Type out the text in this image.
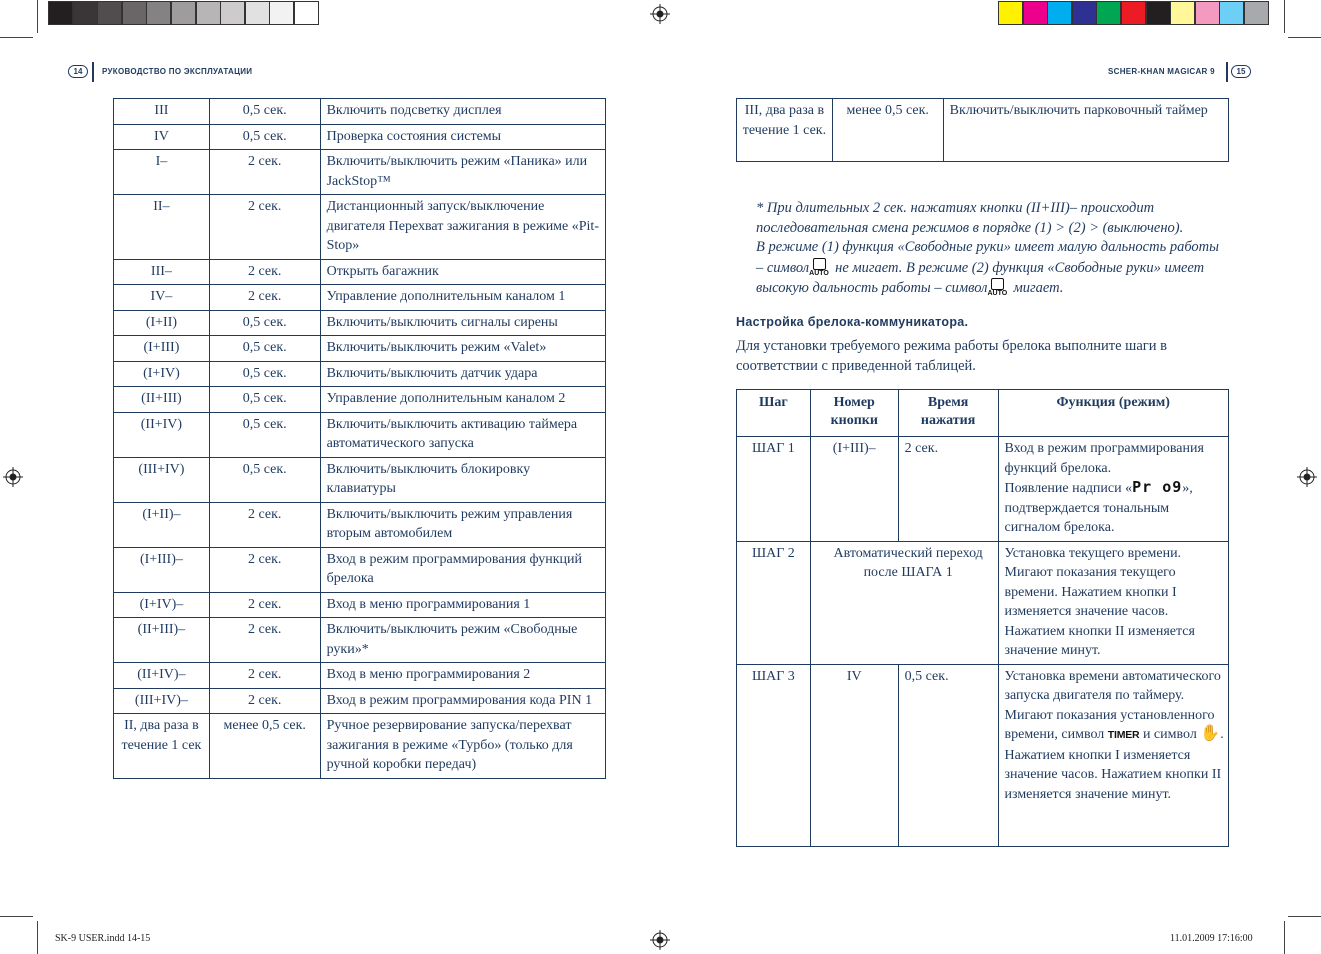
14	РУКОВОДСТВО ПО ЭКСПЛУАТАЦИИ	SCHER-KHAN MAGICAR 9	15
III	0,5 сек.	Включить подсветку дисплея
IV	0,5 сек.	Проверка состояния системы
I–	2 сек.	Включить/выключить режим «Паника» или JackStop™
II–	2 сек.	Дистанционный запуск/выключение двигателя Перехват зажигания в режиме «Pit-Stop»
III–	2 сек.	Открыть багажник
IV–	2 сек.	Управление дополнительным каналом 1
(I+II)	0,5 сек.	Включить/выключить сигналы сирены
(I+III)	0,5 сек.	Включить/выключить режим «Valet»
(I+IV)	0,5 сек.	Включить/выключить датчик удара
(II+III)	0,5 сек.	Управление дополнительным каналом 2
(II+IV)	0,5 сек.	Включить/выключить активацию таймера автоматического запуска
(III+IV)	0,5 сек.	Включить/выключить блокировку клавиатуры
(I+II)–	2 сек.	Включить/выключить режим управления вторым автомобилем
(I+III)–	2 сек.	Вход в режим программирования функций брелока
(I+IV)–	2 сек.	Вход в меню программирования 1
(II+III)–	2 сек.	Включить/выключить режим «Свободные руки»*
(II+IV)–	2 сек.	Вход в меню программирования 2
(III+IV)–	2 сек.	Вход в режим программирования кода PIN 1
II, два раза в течение 1 сек	менее 0,5 сек.	Ручное резервирование запуска/перехват зажигания в режиме «Турбо» (только для ручной коробки передач)
III, два раза в течение 1 сек.	менее 0,5 сек.	Включить/выключить парковочный таймер
* При длительных 2 сек. нажатиях кнопки (II+III)– происходит последовательная смена режимов в порядке (1) > (2) > (выключено).
В режиме (1) функция «Свободные руки» имеет малую дальность работы – символ AUTO не мигает. В режиме (2) функция «Свободные руки» имеет высокую дальность работы – символ AUTO мигает.
Настройка брелока-коммуникатора.
Для установки требуемого режима работы брелока выполните шаги в соответствии с приведенной таблицей.
Шаг	Номер кнопки	Время нажатия	Функция (режим)
ШАГ 1	(I+III)–	2 сек.	Вход в режим программирования функций брелока.
Появление надписи «Pr o9», подтверждается тональным сигналом брелока.
ШАГ 2	Автоматический переход после ШАГА 1		Установка текущего времени. Мигают показания текущего времени. Нажатием кнопки I изменяется значение часов. Нажатием кнопки II изменяется значение минут.
ШАГ 3	IV	0,5 сек.	Установка времени автоматического запуска двигателя по таймеру. Мигают показания установленного времени, символ TIMER и символ ✋. Нажатием кнопки I изменяется значение часов. Нажатием кнопки II изменяется значение минут.
SK-9 USER.indd 14-15	11.01.2009 17:16:00
